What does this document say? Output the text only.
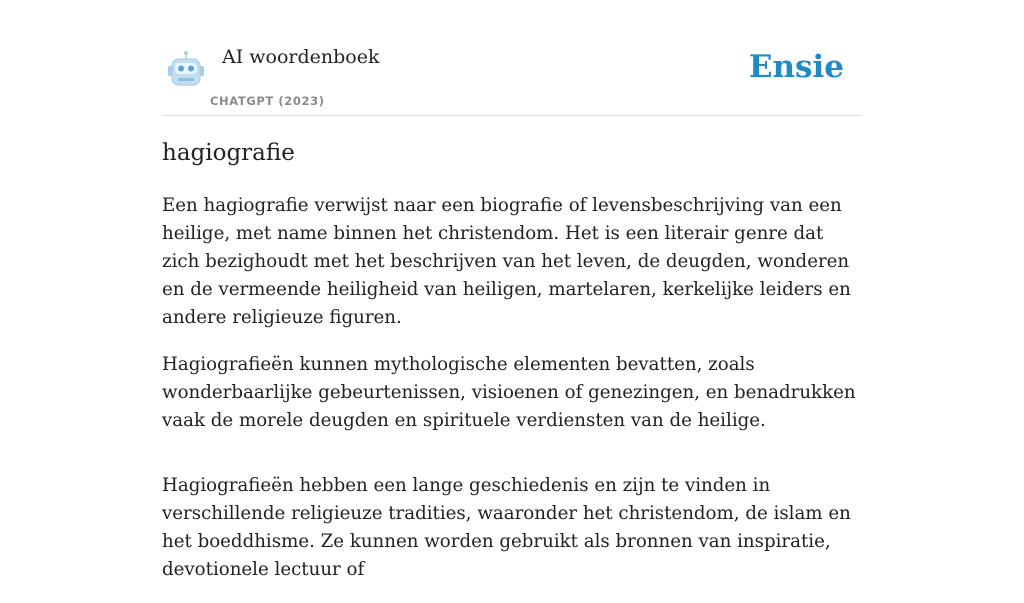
AI woordenboek
CHATGPT (2023)
Ensie
hagiografie

Een hagiografie verwijst naar een biografie of levensbeschrijving van een heilige, met name binnen het christendom. Het is een literair genre dat zich bezighoudt met het beschrijven van het leven, de deugden, wonderen en de vermeende heiligheid van heiligen, martelaren, kerkelijke leiders en andere religieuze figuren.

Hagiografieën kunnen mythologische elementen bevatten, zoals wonderbaarlijke gebeurtenissen, visioenen of genezingen, en benadrukken vaak de morele deugden en spirituele verdiensten van de heilige.

Hagiografieën hebben een lange geschiedenis en zijn te vinden in verschillende religieuze tradities, waaronder het christendom, de islam en het boeddhisme. Ze kunnen worden gebruikt als bronnen van inspiratie, devotionele lectuur of
